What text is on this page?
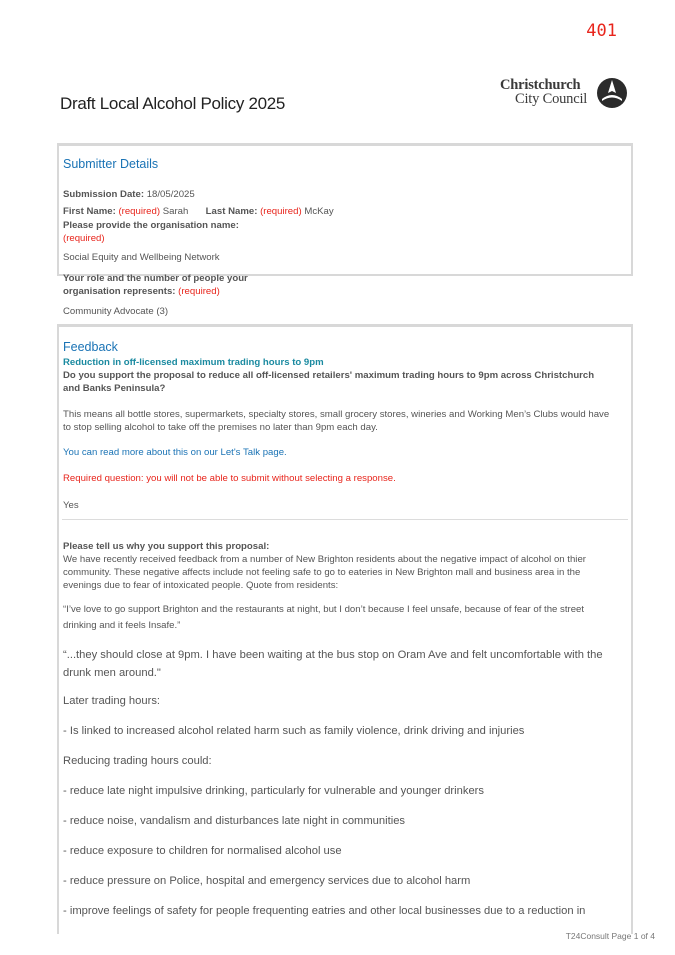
401
Draft Local Alcohol Policy 2025
Christchurch
City Council
Submitter Details
Submission Date: 18/05/2025
First Name: (required) Sarah Last Name: (required) McKay
Please provide the organisation name:
(required)
Social Equity and Wellbeing Network
Your role and the number of people your
organisation represents: (required)
Community Advocate (3)
Feedback
Reduction in off-licensed maximum trading hours to 9pm
Do you support the proposal to reduce all off-licensed retailers' maximum trading hours to 9pm across Christchurch
and Banks Peninsula?
This means all bottle stores, supermarkets, specialty stores, small grocery stores, wineries and Working Men’s Clubs would have
to stop selling alcohol to take off the premises no later than 9pm each day.
You can read more about this on our Let's Talk page.
Required question: you will not be able to submit without selecting a response.
Yes
Please tell us why you support this proposal:
We have recently received feedback from a number of New Brighton residents about the negative impact of alcohol on thier
community. These negative affects include not feeling safe to go to eateries in New Brighton mall and business area in the
evenings due to fear of intoxicated people. Quote from residents:
“I’ve love to go support Brighton and the restaurants at night, but I don’t because I feel unsafe, because of fear of the street
drinking and it feels Insafe.”
“...they should close at 9pm. I have been waiting at the bus stop on Oram Ave and felt uncomfortable with the
drunk men around."
Later trading hours:
- Is linked to increased alcohol related harm such as family violence, drink driving and injuries
Reducing trading hours could:
- reduce late night impulsive drinking, particularly for vulnerable and younger drinkers
- reduce noise, vandalism and disturbances late night in communities
- reduce exposure to children for normalised alcohol use
- reduce pressure on Police, hospital and emergency services due to alcohol harm
- improve feelings of safety for people frequenting eatries and other local businesses due to a reduction in
T24Consult Page 1 of 4
